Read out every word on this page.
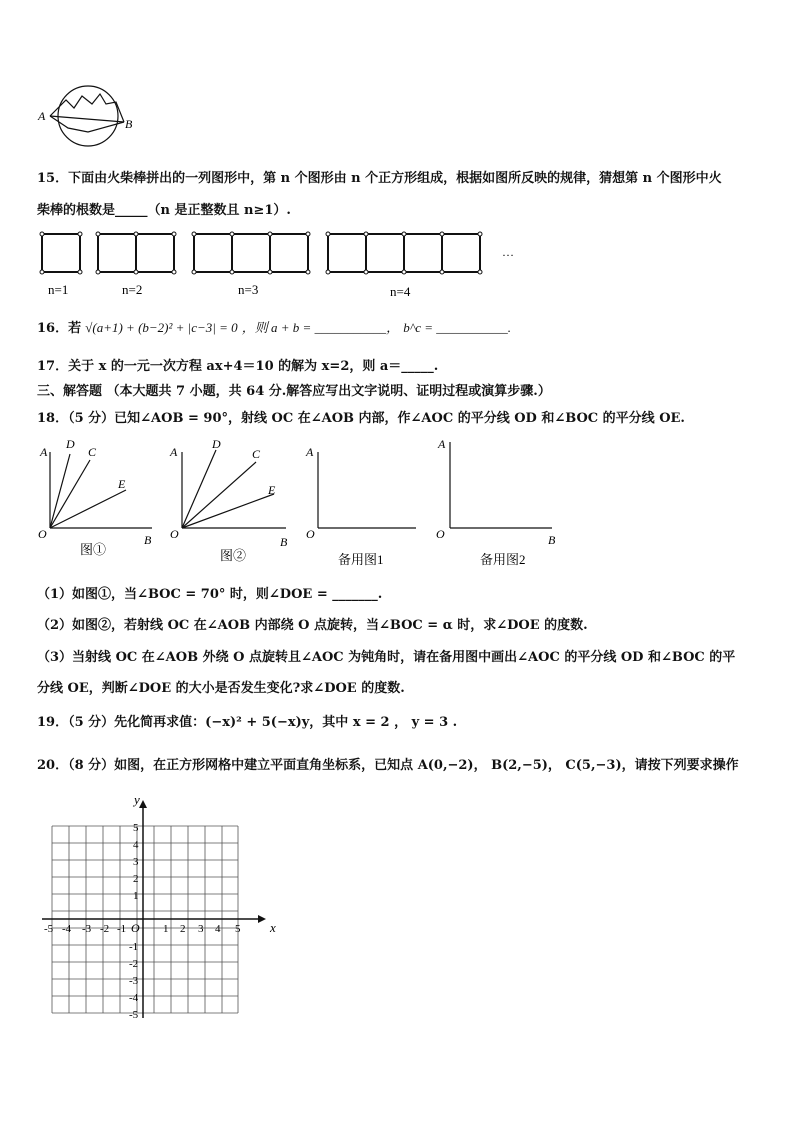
A
B
15．下面由火柴棒拼出的一列图形中，第 n 个图形由 n 个正方形组成，根据如图所反映的规律，猜想第 n 个图形中火
柴棒的根数是_____（n 是正整数且 n≥1）.
…
n=1	n=2	n=3	n=4
16．若 √(a+1) + (b−2)² + |c−3| = 0 ，则 a + b = ___________， b^c = ___________.
17．关于 x 的一元一次方程 ax+4＝10 的解为 x=2，则 a＝_____.
三、解答题 （本大题共 7 小题，共 64 分.解答应写出文字说明、证明过程或演算步骤.）
18．（5 分）已知∠AOB = 90°，射线 OC 在∠AOB 内部，作∠AOC 的平分线 OD 和∠BOC 的平分线 OE.
A
D
C
E
O	B
A
D
C
E
O
B
A
O
A
O	B
图①	图②	备用图1	备用图2
（1）如图①，当∠BOC = 70° 时，则∠DOE = _______.
（2）如图②，若射线 OC 在∠AOB 内部绕 O 点旋转，当∠BOC = α 时，求∠DOE 的度数.
（3）当射线 OC 在∠AOB 外绕 O 点旋转且∠AOC 为钝角时，请在备用图中画出∠AOC 的平分线 OD 和∠BOC 的平
分线 OE，判断∠DOE 的大小是否发生变化?求∠DOE 的度数.
19．（5 分）先化简再求值：(−x)² + 5(−x)y，其中 x = 2 ， y = 3 .
20．（8 分）如图，在正方形网格中建立平面直角坐标系，已知点 A(0,−2)， B(2,−5)， C(5,−3)，请按下列要求操作
x
y
O
-5 -4 -3 -2 -1	1 2 3 4 5
5
4
3
2
1
-1
-2
-3
-4
-5
